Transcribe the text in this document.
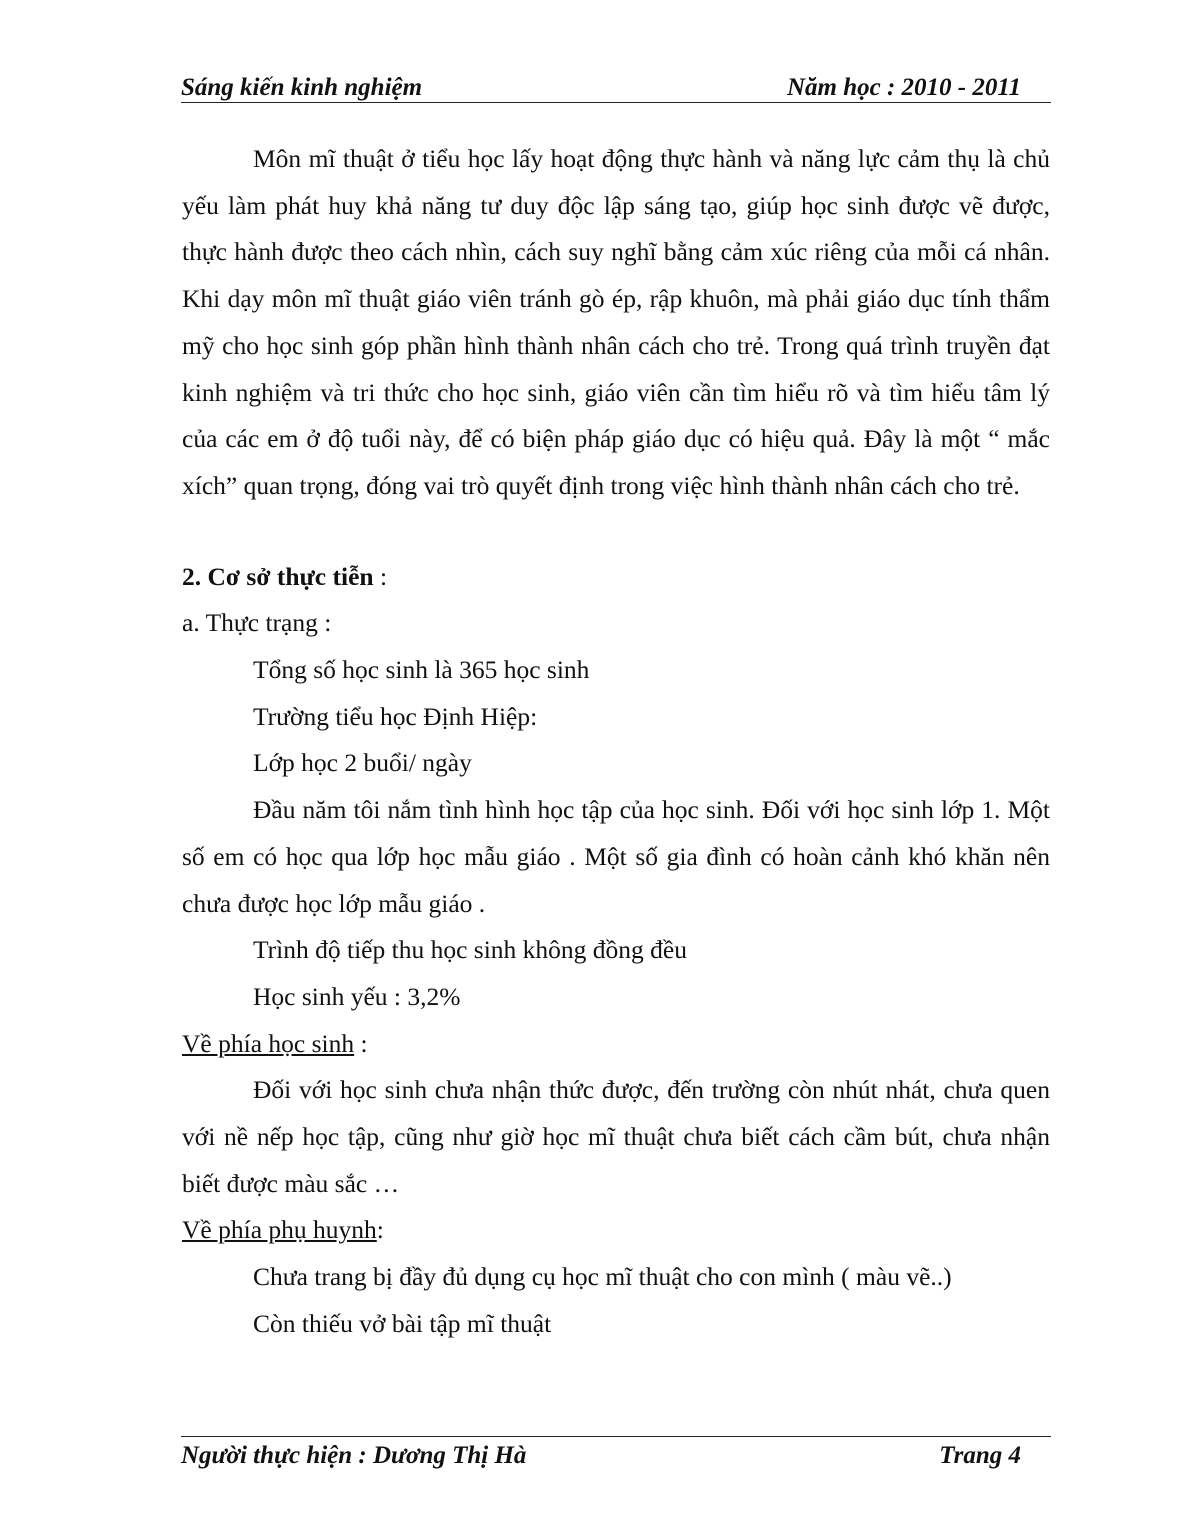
Sáng kiến kinh nghiệm	Năm học : 2010 - 2011

Môn mĩ thuật ở tiểu học lấy hoạt động thực hành và năng lực cảm thụ là chủ yếu làm phát huy khả năng tư duy độc lập sáng tạo, giúp học sinh được vẽ được, thực hành được theo cách nhìn, cách suy nghĩ bằng cảm xúc riêng của mỗi cá nhân. Khi dạy môn mĩ thuật giáo viên tránh gò ép, rập khuôn, mà phải giáo dục tính thẩm mỹ cho học sinh góp phần hình thành nhân cách cho trẻ. Trong quá trình truyền đạt kinh nghiệm và tri thức cho học sinh, giáo viên cần tìm hiểu rõ và tìm hiểu tâm lý của các em ở độ tuổi này, để có biện pháp giáo dục có hiệu quả. Đây là một “ mắc xích” quan trọng, đóng vai trò quyết định trong việc hình thành nhân cách cho trẻ.

2. Cơ sở thực tiễn :

a. Thực trạng :

Tổng số học sinh là 365 học sinh

Trường tiểu học Định Hiệp:

Lớp học 2 buổi/ ngày

Đầu năm tôi nắm tình hình học tập của học sinh. Đối với học sinh lớp 1. Một số em có học qua lớp học mẫu giáo . Một số gia đình có hoàn cảnh khó khăn nên chưa được học lớp mẫu giáo .

Trình độ tiếp thu học sinh không đồng đều

Học sinh yếu : 3,2%

Về phía học sinh :

Đối với học sinh chưa nhận thức được, đến trường còn nhút nhát, chưa quen với nề nếp học tập, cũng như giờ học mĩ thuật chưa biết cách cầm bút, chưa nhận biết được màu sắc …

Về phía phụ huynh:

Chưa trang bị đầy đủ dụng cụ học mĩ thuật cho con mình ( màu vẽ..)

Còn thiếu vở bài tập mĩ thuật

Người thực hiện : Dương Thị Hà	Trang 4
